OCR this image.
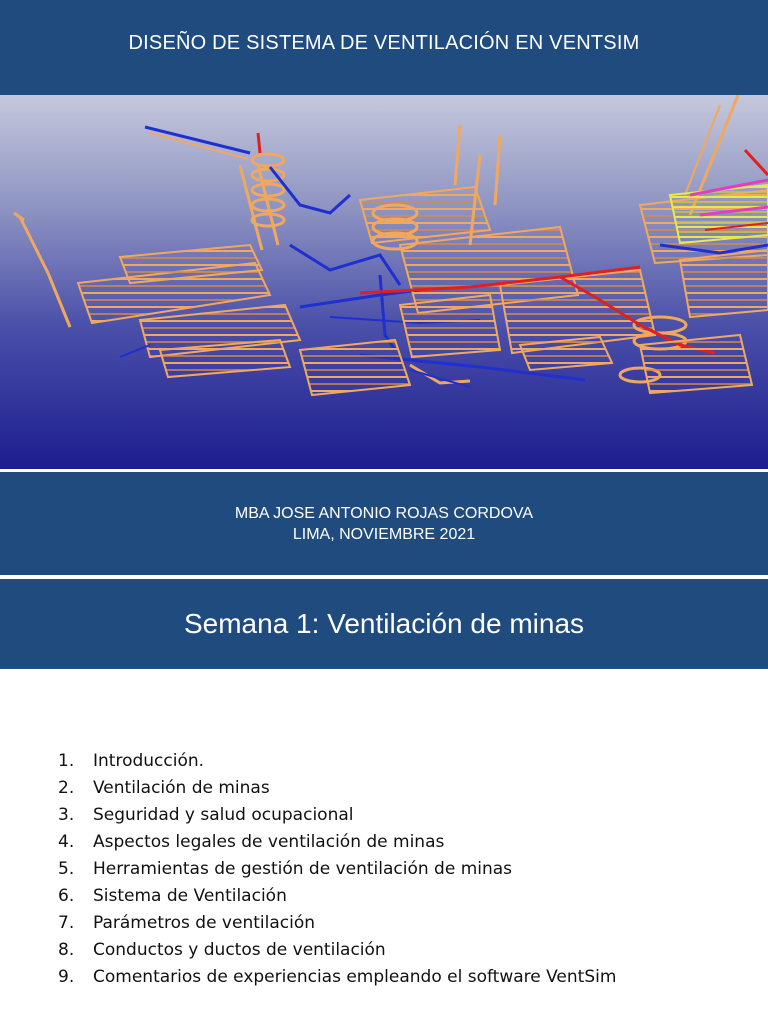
DISEÑO DE SISTEMA DE VENTILACIÓN EN VENTSIM
MBA JOSE ANTONIO ROJAS CORDOVA
LIMA, NOVIEMBRE 2021
Semana 1: Ventilación de minas
1.	Introducción.
2.	Ventilación de minas
3.	Seguridad y salud ocupacional
4.	Aspectos legales de ventilación de minas
5.	Herramientas de gestión de ventilación de minas
6.	Sistema de Ventilación
7.	Parámetros de ventilación
8.	Conductos y ductos de ventilación
9.	Comentarios de experiencias empleando el software VentSim
